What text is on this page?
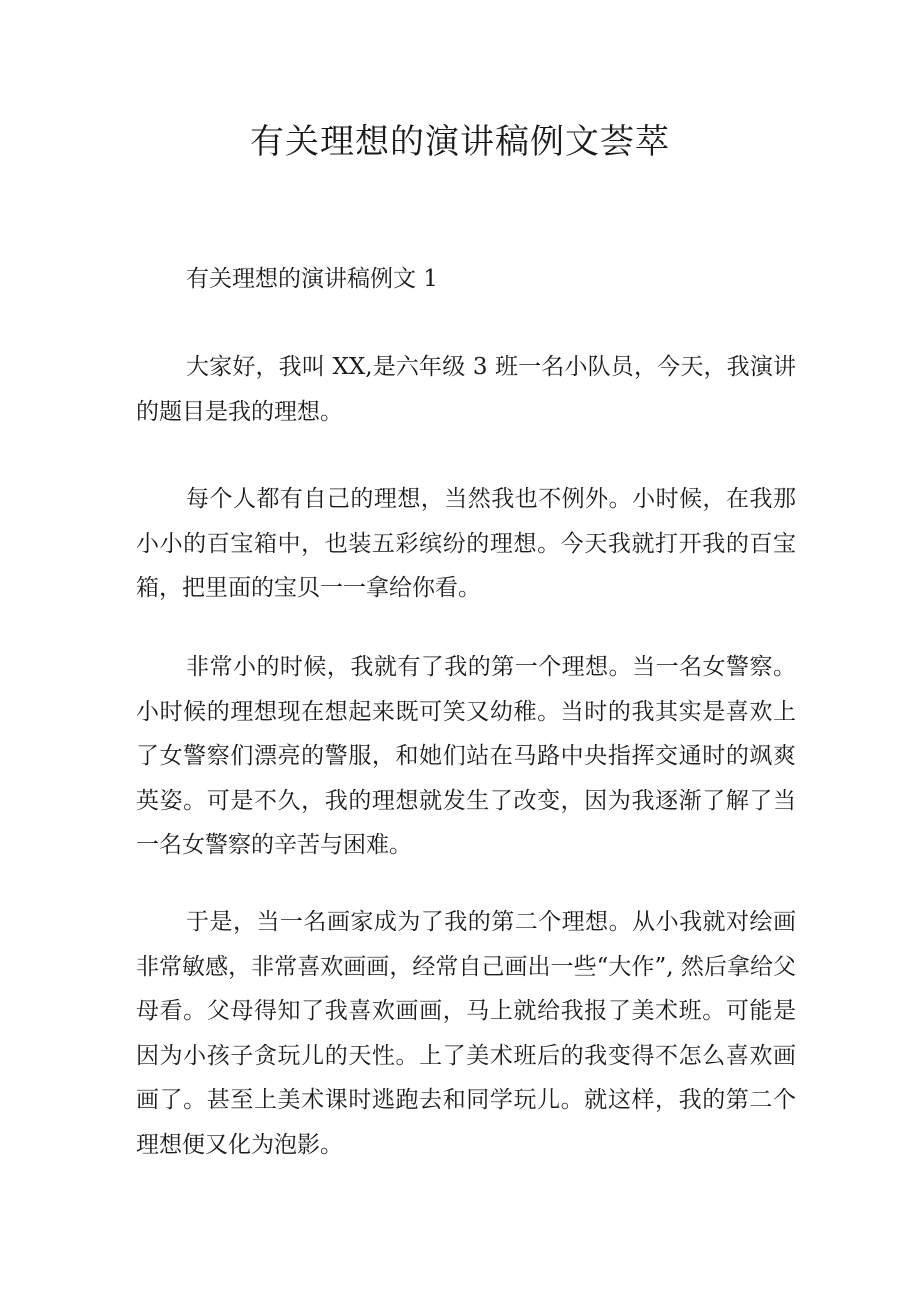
有关理想的演讲稿例文荟萃
有关理想的演讲稿例文 1

大家好，我叫 XX,是六年级 3 班一名小队员，今天，我演讲的题目是我的理想。

每个人都有自己的理想，当然我也不例外。小时候，在我那小小的百宝箱中，也装五彩缤纷的理想。今天我就打开我的百宝箱，把里面的宝贝一一拿给你看。

非常小的时候，我就有了我的第一个理想。当一名女警察。小时候的理想现在想起来既可笑又幼稚。当时的我其实是喜欢上了女警察们漂亮的警服，和她们站在马路中央指挥交通时的飒爽英姿。可是不久，我的理想就发生了改变，因为我逐渐了解了当一名女警察的辛苦与困难。

于是，当一名画家成为了我的第二个理想。从小我就对绘画非常敏感，非常喜欢画画，经常自己画出一些“大作”, 然后拿给父母看。父母得知了我喜欢画画，马上就给我报了美术班。可能是因为小孩子贪玩儿的天性。上了美术班后的我变得不怎么喜欢画画了。甚至上美术课时逃跑去和同学玩儿。就这样，我的第二个理想便又化为泡影。
